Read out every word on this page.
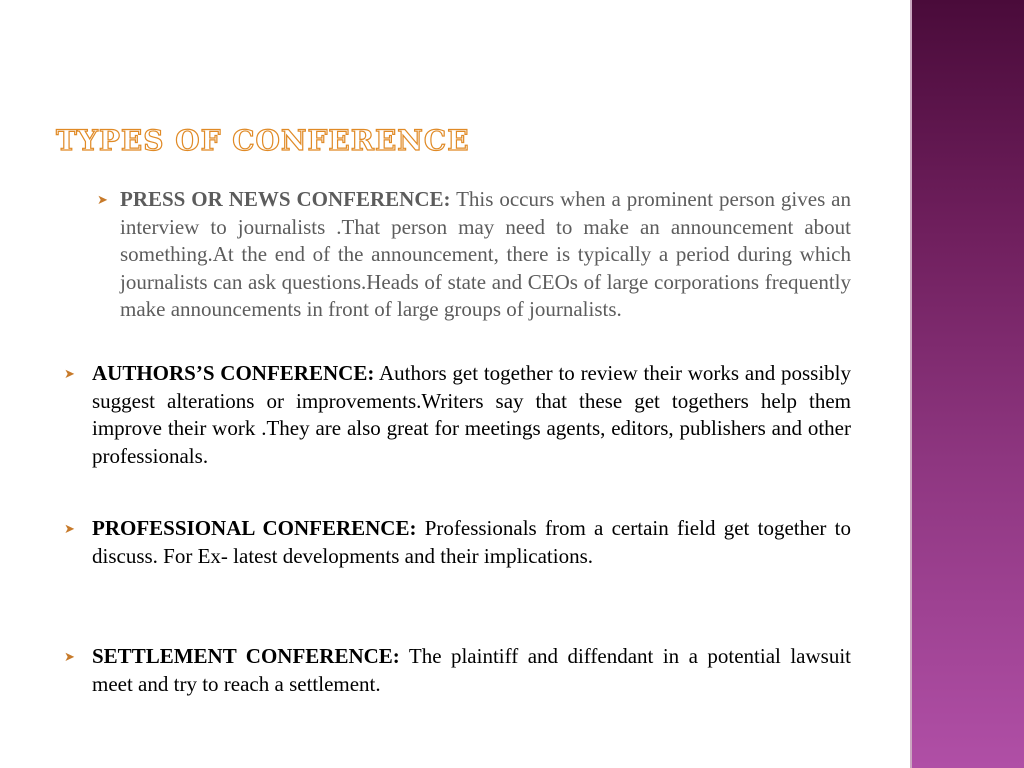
TYPES OF CONFERENCE
➤ PRESS OR NEWS CONFERENCE: This occurs when a prominent person gives an interview to journalists .That person may need to make an announcement about something.At the end of the announcement, there is typically a period during which journalists can ask questions.Heads of state and CEOs of large corporations frequently make announcements in front of large groups of journalists.
➤ AUTHORS’S CONFERENCE: Authors get together to review their works and possibly suggest alterations or improvements.Writers say that these get togethers help them improve their work .They are also great for meetings agents, editors, publishers and other professionals.
➤ PROFESSIONAL CONFERENCE: Professionals from a certain field get together to discuss. For Ex- latest developments and their implications.
➤ SETTLEMENT CONFERENCE: The plaintiff and diffendant in a potential lawsuit meet and try to reach a settlement.
